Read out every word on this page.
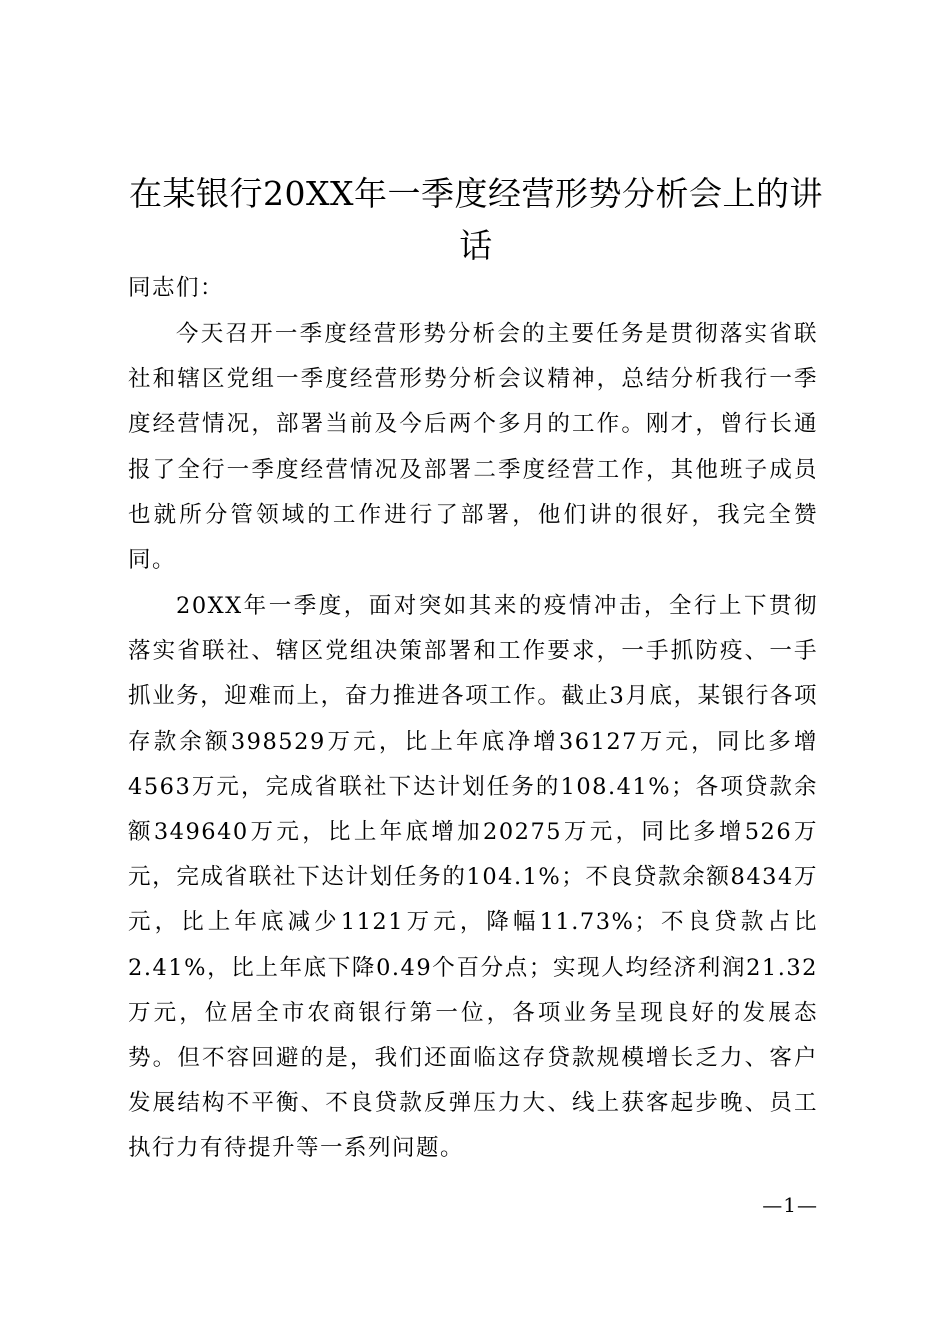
在某银行20XX年一季度经营形势分析会上的讲话

同志们：

今天召开一季度经营形势分析会的主要任务是贯彻落实省联社和辖区党组一季度经营形势分析会议精神，总结分析我行一季度经营情况，部署当前及今后两个多月的工作。刚才，曾行长通报了全行一季度经营情况及部署二季度经营工作，其他班子成员也就所分管领域的工作进行了部署，他们讲的很好，我完全赞同。

20XX年一季度，面对突如其来的疫情冲击，全行上下贯彻落实省联社、辖区党组决策部署和工作要求，一手抓防疫、一手抓业务，迎难而上，奋力推进各项工作。截止3月底，某银行各项存款余额398529万元，比上年底净增36127万元，同比多增4563万元，完成省联社下达计划任务的108.41%；各项贷款余额349640万元，比上年底增加20275万元，同比多增526万元，完成省联社下达计划任务的104.1%；不良贷款余额8434万元，比上年底减少1121万元，降幅11.73%；不良贷款占比2.41%，比上年底下降0.49个百分点；实现人均经济利润21.32万元，位居全市农商银行第一位，各项业务呈现良好的发展态势。但不容回避的是，我们还面临这存贷款规模增长乏力、客户发展结构不平衡、不良贷款反弹压力大、线上获客起步晚、员工执行力有待提升等一系列问题。

—1—
